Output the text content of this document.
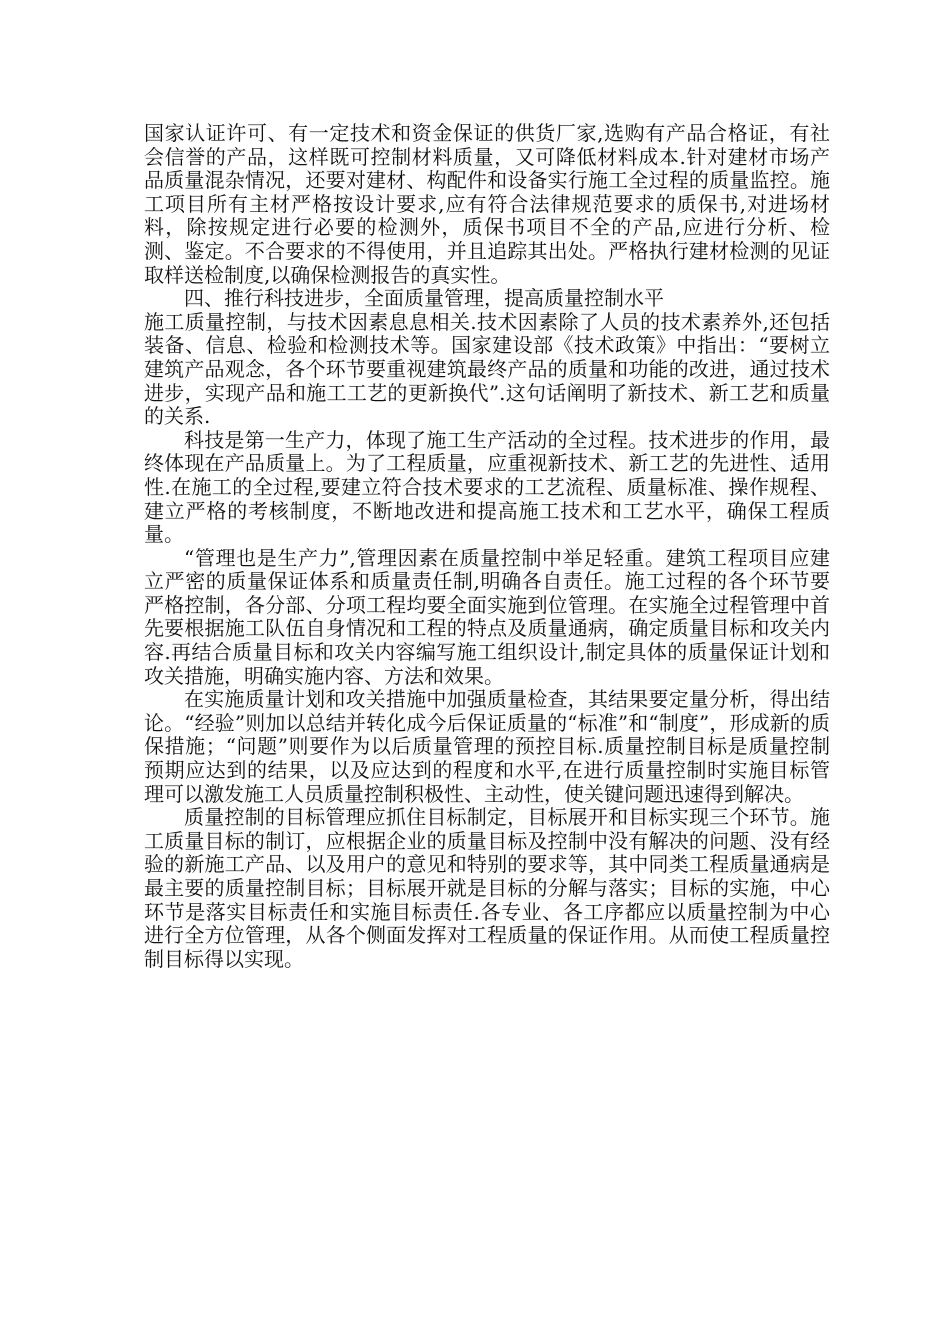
国家认证许可、有一定技术和资金保证的供货厂家,选购有产品合格证，有社会信誉的产品，这样既可控制材料质量，又可降低材料成本.针对建材市场产品质量混杂情况，还要对建材、构配件和设备实行施工全过程的质量监控。施工项目所有主材严格按设计要求,应有符合法律规范要求的质保书,对进场材料，除按规定进行必要的检测外，质保书项目不全的产品,应进行分析、检测、鉴定。不合要求的不得使用，并且追踪其出处。严格执行建材检测的见证取样送检制度,以确保检测报告的真实性。

四、推行科技进步，全面质量管理，提高质量控制水平

施工质量控制，与技术因素息息相关.技术因素除了人员的技术素养外,还包括装备、信息、检验和检测技术等。国家建设部《技术政策》中指出：“要树立建筑产品观念，各个环节要重视建筑最终产品的质量和功能的改进，通过技术进步，实现产品和施工工艺的更新换代”.这句话阐明了新技术、新工艺和质量的关系.

科技是第一生产力，体现了施工生产活动的全过程。技术进步的作用，最终体现在产品质量上。为了工程质量，应重视新技术、新工艺的先进性、适用性.在施工的全过程,要建立符合技术要求的工艺流程、质量标准、操作规程、建立严格的考核制度，不断地改进和提高施工技术和工艺水平，确保工程质量。

“管理也是生产力”,管理因素在质量控制中举足轻重。建筑工程项目应建立严密的质量保证体系和质量责任制,明确各自责任。施工过程的各个环节要严格控制，各分部、分项工程均要全面实施到位管理。在实施全过程管理中首先要根据施工队伍自身情况和工程的特点及质量通病，确定质量目标和攻关内容.再结合质量目标和攻关内容编写施工组织设计,制定具体的质量保证计划和攻关措施，明确实施内容、方法和效果。

在实施质量计划和攻关措施中加强质量检查，其结果要定量分析，得出结论。“经验”则加以总结并转化成今后保证质量的“标准”和“制度”，形成新的质保措施；“问题”则要作为以后质量管理的预控目标.质量控制目标是质量控制预期应达到的结果，以及应达到的程度和水平,在进行质量控制时实施目标管理可以激发施工人员质量控制积极性、主动性，使关键问题迅速得到解决。

质量控制的目标管理应抓住目标制定，目标展开和目标实现三个环节。施工质量目标的制订，应根据企业的质量目标及控制中没有解决的问题、没有经验的新施工产品、以及用户的意见和特别的要求等，其中同类工程质量通病是最主要的质量控制目标；目标展开就是目标的分解与落实；目标的实施，中心环节是落实目标责任和实施目标责任.各专业、各工序都应以质量控制为中心进行全方位管理，从各个侧面发挥对工程质量的保证作用。从而使工程质量控制目标得以实现。
